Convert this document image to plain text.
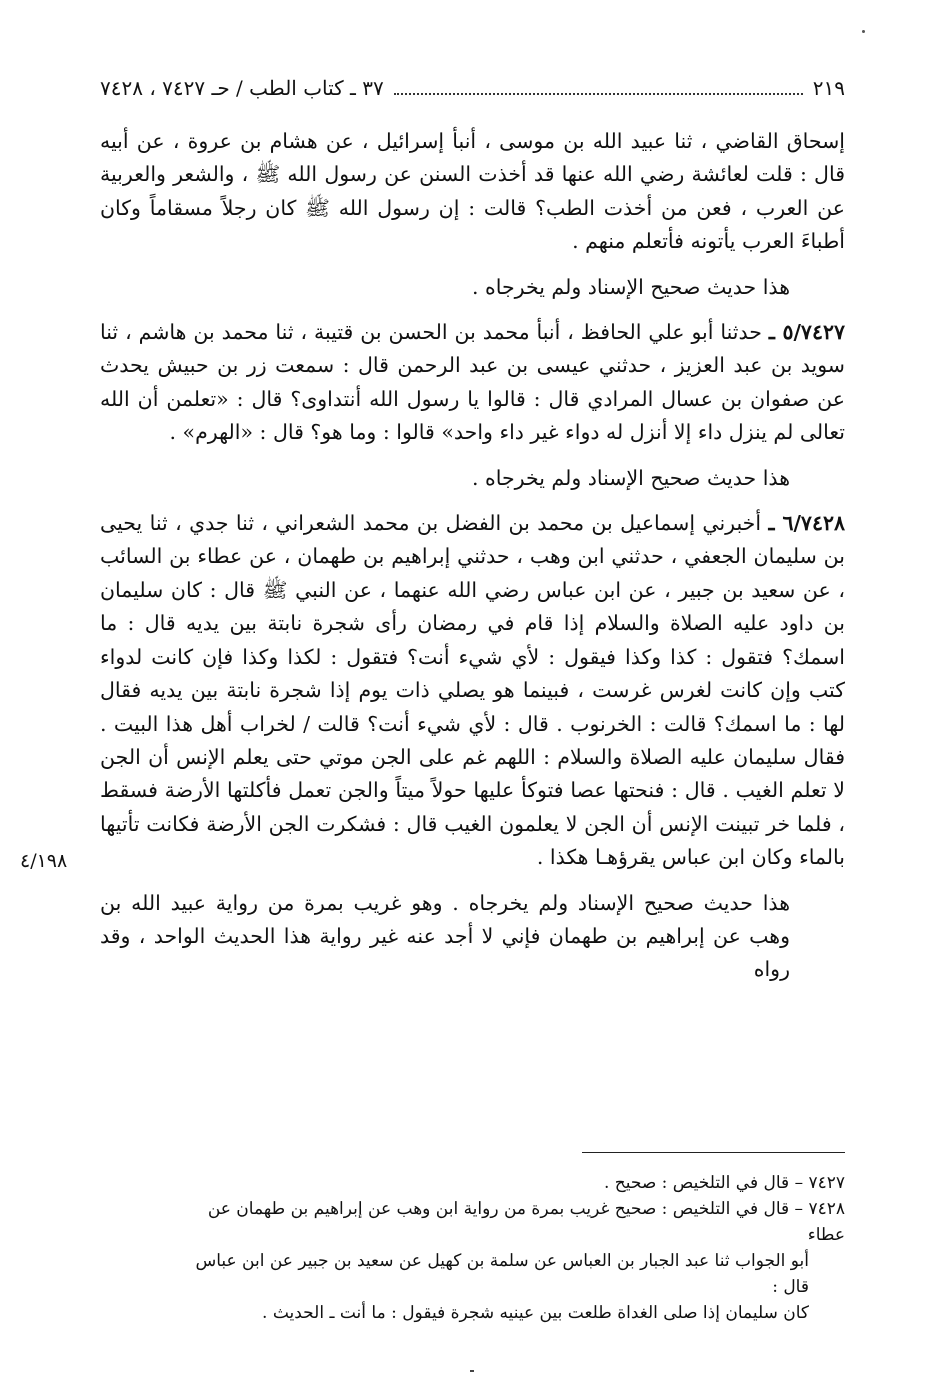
٣٧ ـ كتاب الطب / حـ ٧٤٢٧ ، ٧٤٢٨	٢١٩

إسحاق القاضي ، ثنا عبيد الله بن موسى ، أنبأ إسرائيل ، عن هشام بن عروة ، عن أبيه قال : قلت لعائشة رضي الله عنها قد أخذت السنن عن رسول الله ﷺ ، والشعر والعربية عن العرب ، فعن من أخذت الطب؟ قالت : إن رسول الله ﷺ كان رجلاً مسقاماً وكان أطباءَ العرب يأتونه فأتعلم منهم .

هذا حديث صحيح الإسناد ولم يخرجاه .

٥/٧٤٢٧ ـ حدثنا أبو علي الحافظ ، أنبأ محمد بن الحسن بن قتيبة ، ثنا محمد بن هاشم ، ثنا سويد بن عبد العزيز ، حدثني عيسى بن عبد الرحمن قال : سمعت زر بن حبيش يحدث عن صفوان بن عسال المرادي قال : قالوا يا رسول الله أنتداوى؟ قال : «تعلمن أن الله تعالى لم ينزل داء إلا أنزل له دواء غير داء واحد» قالوا : وما هو؟ قال : «الهرم» .

هذا حديث صحيح الإسناد ولم يخرجاه .

٦/٧٤٢٨ ـ أخبرني إسماعيل بن محمد بن الفضل بن محمد الشعراني ، ثنا جدي ، ثنا يحيى بن سليمان الجعفي ، حدثني ابن وهب ، حدثني إبراهيم بن طهمان ، عن عطاء بن السائب ، عن سعيد بن جبير ، عن ابن عباس رضي الله عنهما ، عن النبي ﷺ قال : كان سليمان بن داود عليه الصلاة والسلام إذا قام في رمضان رأى شجرة نابتة بين يديه قال : ما اسمك؟ فتقول : كذا وكذا فيقول : لأي شيء أنت؟ فتقول : لكذا وكذا فإن كانت لدواء كتب وإن كانت لغرس غرست ، فبينما هو يصلي ذات يوم إذا شجرة نابتة بين يديه فقال لها : ما اسمك؟ قالت : الخرنوب . قال : لأي شيء أنت؟ قالت / لخراب أهل هذا البيت . فقال سليمان عليه الصلاة والسلام : اللهم غم على الجن موتي حتى يعلم الإنس أن الجن لا تعلم الغيب . قال : فنحتها عصا فتوكأ عليها حولاً ميتاً والجن تعمل فأكلتها الأرضة فسقط ، فلما خر تبينت الإنس أن الجن لا يعلمون الغيب قال : فشكرت الجن الأرضة فكانت تأتيها بالماء وكان ابن عباس يقرؤهـا هكذا .

هذا حديث صحيح الإسناد ولم يخرجاه . وهو غريب بمرة من رواية عبيد الله بن وهب عن إبراهيم بن طهمان فإني لا أجد عنه غير رواية هذا الحديث الواحد ، وقد رواه

٤/١٩٨

٧٤٢٧ – قال في التلخيص : صحيح .

٧٤٢٨ – قال في التلخيص : صحيح غريب بمرة من رواية ابن وهب عن إبراهيم بن طهمان عن عطاء

أبو الجواب ثنا عبد الجبار بن العباس عن سلمة بن كهيل عن سعيد بن جبير عن ابن عباس قال :

كان سليمان إذا صلى الغداة طلعت بين عينيه شجرة فيقول : ما أنت ـ الحديث .
